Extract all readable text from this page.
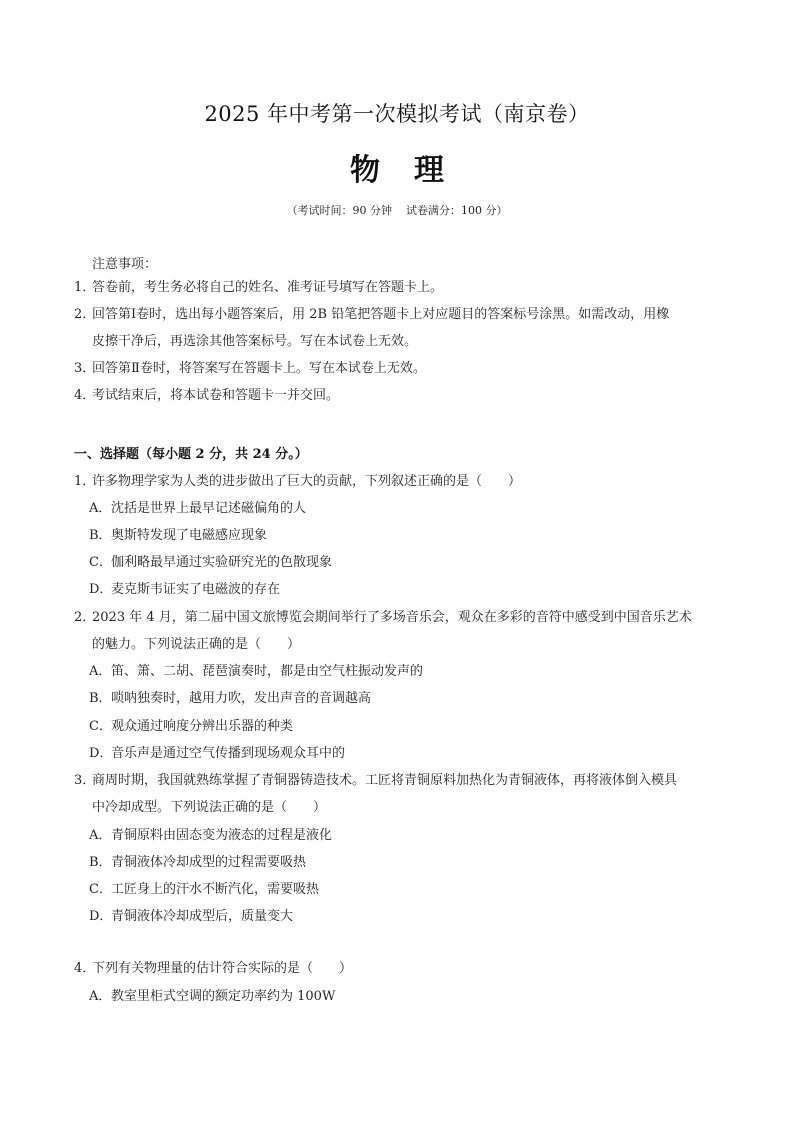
2025 年中考第一次模拟考试（南京卷）
物 理
（考试时间：90 分钟 试卷满分：100 分）
注意事项：
1．答卷前，考生务必将自己的姓名、准考证号填写在答题卡上。
2．回答第Ⅰ卷时，选出每小题答案后，用 2B 铅笔把答题卡上对应题目的答案标号涂黑。如需改动，用橡
皮擦干净后，再选涂其他答案标号。写在本试卷上无效。
3．回答第Ⅱ卷时，将答案写在答题卡上。写在本试卷上无效。
4．考试结束后，将本试卷和答题卡一并交回。
一、选择题（每小题 2 分，共 24 分。）
1．许多物理学家为人类的进步做出了巨大的贡献，下列叙述正确的是（　　）
A．沈括是世界上最早记述磁偏角的人
B．奥斯特发现了电磁感应现象
C．伽利略最早通过实验研究光的色散现象
D．麦克斯韦证实了电磁波的存在
2．2023 年 4 月，第二届中国文旅博览会期间举行了多场音乐会，观众在多彩的音符中感受到中国音乐艺术
的魅力。下列说法正确的是（　　）
A．笛、箫、二胡、琵琶演奏时，都是由空气柱振动发声的
B．唢呐独奏时，越用力吹，发出声音的音调越高
C．观众通过响度分辨出乐器的种类
D．音乐声是通过空气传播到现场观众耳中的
3．商周时期，我国就熟练掌握了青铜器铸造技术。工匠将青铜原料加热化为青铜液体，再将液体倒入模具
中冷却成型。下列说法正确的是（　　）
A．青铜原料由固态变为液态的过程是液化
B．青铜液体冷却成型的过程需要吸热
C．工匠身上的汗水不断汽化，需要吸热
D．青铜液体冷却成型后，质量变大
4．下列有关物理量的估计符合实际的是（　　）
A．教室里柜式空调的额定功率约为 100W
